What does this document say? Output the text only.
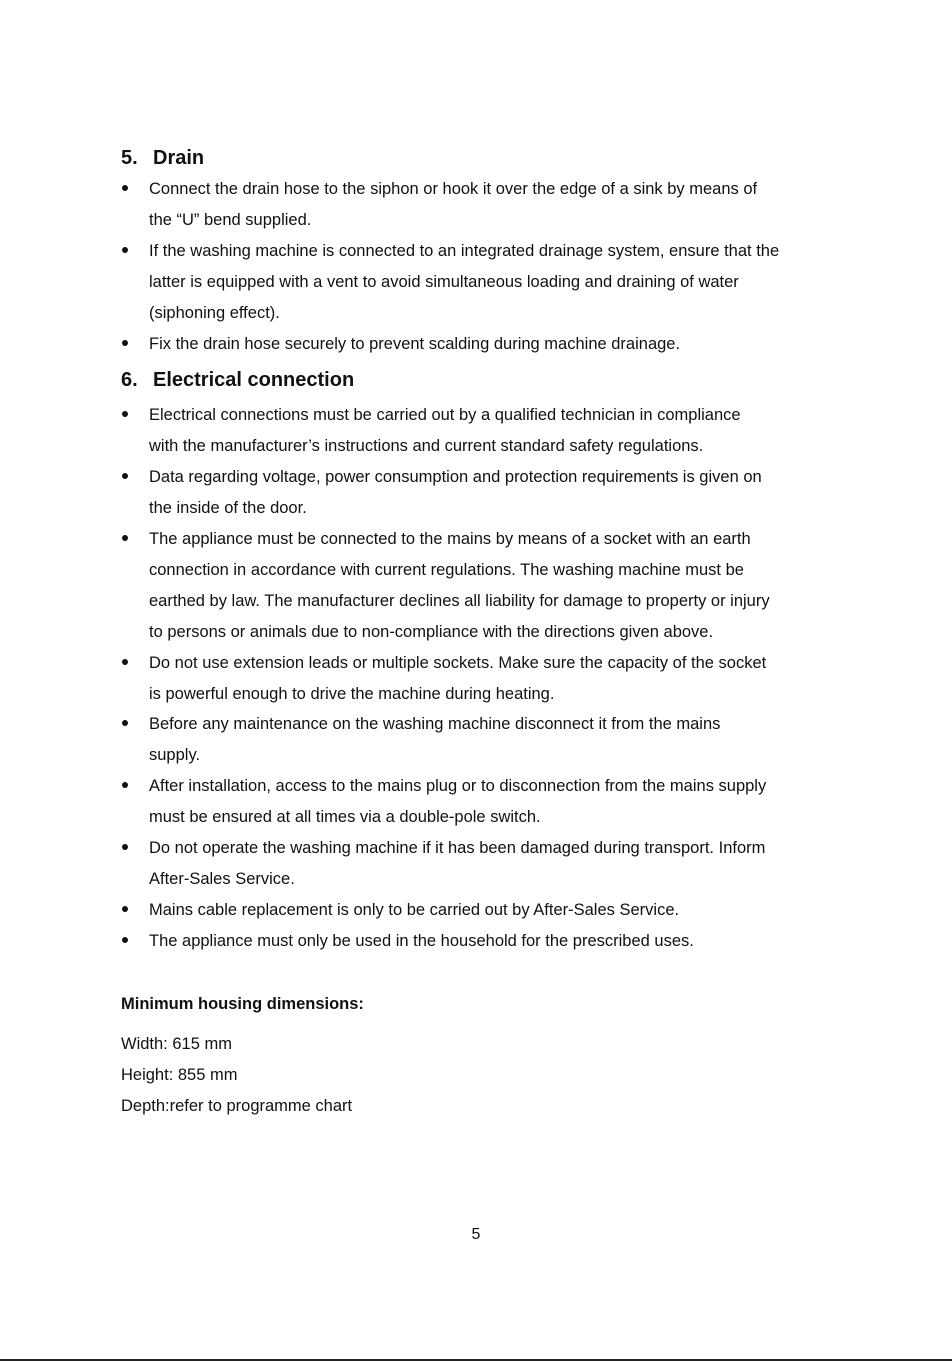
5. Drain
Connect the drain hose to the siphon or hook it over the edge of a sink by means of
the “U” bend supplied.
If the washing machine is connected to an integrated drainage system, ensure that the
latter is equipped with a vent to avoid simultaneous loading and draining of water
(siphoning effect).
Fix the drain hose securely to prevent scalding during machine drainage.
6. Electrical connection
Electrical connections must be carried out by a qualified technician in compliance
with the manufacturer’s instructions and current standard safety regulations.
Data regarding voltage, power consumption and protection requirements is given on
the inside of the door.
The appliance must be connected to the mains by means of a socket with an earth
connection in accordance with current regulations. The washing machine must be
earthed by law. The manufacturer declines all liability for damage to property or injury
to persons or animals due to non-compliance with the directions given above.
Do not use extension leads or multiple sockets. Make sure the capacity of the socket
is powerful enough to drive the machine during heating.
Before any maintenance on the washing machine disconnect it from the mains
supply.
After installation, access to the mains plug or to disconnection from the mains supply
must be ensured at all times via a double-pole switch.
Do not operate the washing machine if it has been damaged during transport. Inform
After-Sales Service.
Mains cable replacement is only to be carried out by After-Sales Service.
The appliance must only be used in the household for the prescribed uses.
Minimum housing dimensions:
Width: 615 mm
Height: 855 mm
Depth:refer to programme chart
5
